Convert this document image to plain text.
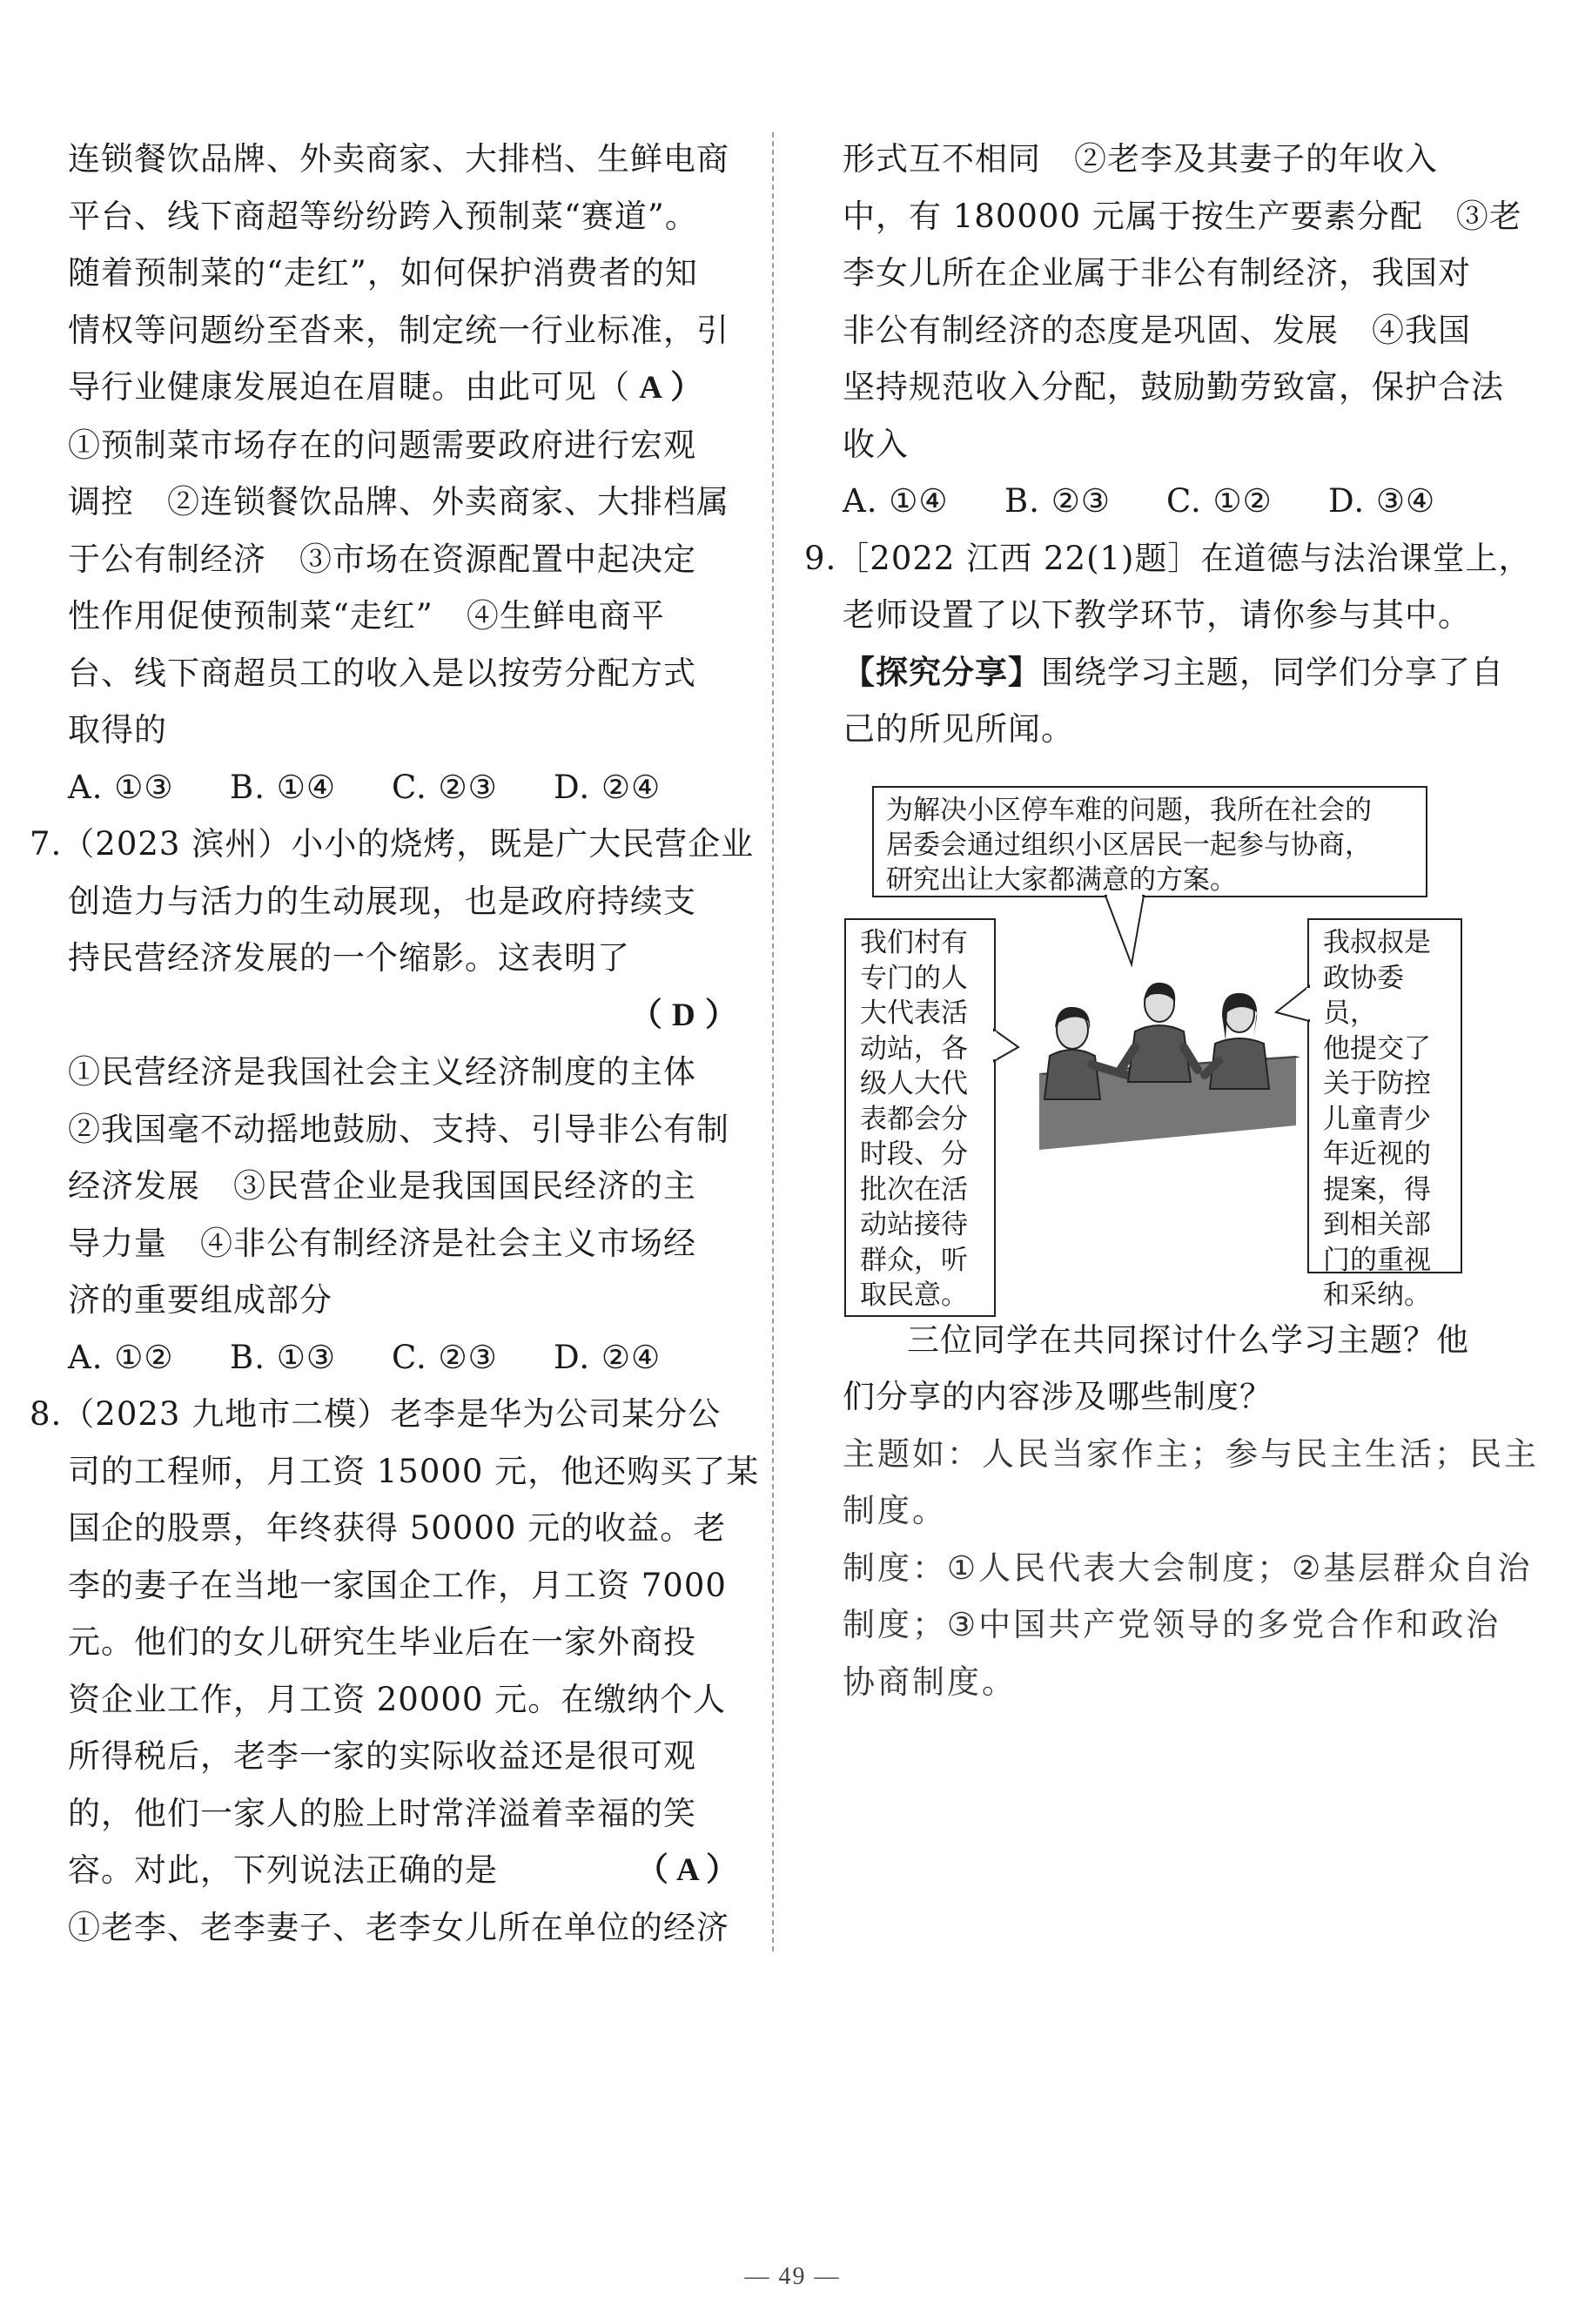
连锁餐饮品牌、外卖商家、大排档、生鲜电商
平台、线下商超等纷纷跨入预制菜“赛道”。
随着预制菜的“走红”，如何保护消费者的知
情权等问题纷至沓来，制定统一行业标准，引
导行业健康发展迫在眉睫。由此可见（ A ）
①预制菜市场存在的问题需要政府进行宏观
调控　②连锁餐饮品牌、外卖商家、大排档属
于公有制经济　③市场在资源配置中起决定
性作用促使预制菜“走红”　④生鲜电商平
台、线下商超员工的收入是以按劳分配方式
取得的
A. ①③ B. ①④ C. ②③ D. ②④
7.（2023 滨州）小小的烧烤，既是广大民营企业
创造力与活力的生动展现，也是政府持续支
持民营经济发展的一个缩影。这表明了
（ D ）
①民营经济是我国社会主义经济制度的主体
②我国毫不动摇地鼓励、支持、引导非公有制
经济发展　③民营企业是我国国民经济的主
导力量　④非公有制经济是社会主义市场经
济的重要组成部分
A. ①② B. ①③ C. ②③ D. ②④
8.（2023 九地市二模）老李是华为公司某分公
司的工程师，月工资 15000 元，他还购买了某
国企的股票，年终获得 50000 元的收益。老
李的妻子在当地一家国企工作，月工资 7000
元。他们的女儿研究生毕业后在一家外商投
资企业工作，月工资 20000 元。在缴纳个人
所得税后，老李一家的实际收益还是很可观
的，他们一家人的脸上时常洋溢着幸福的笑
容。对此，下列说法正确的是	（ A ）
①老李、老李妻子、老李女儿所在单位的经济
形式互不相同　②老李及其妻子的年收入
中，有 180000 元属于按生产要素分配　③老
李女儿所在企业属于非公有制经济，我国对
非公有制经济的态度是巩固、发展　④我国
坚持规范收入分配，鼓励勤劳致富，保护合法
收入
A. ①④ B. ②③ C. ①② D. ③④
9.［2022 江西 22(1)题］在道德与法治课堂上，
老师设置了以下教学环节，请你参与其中。
【探究分享】围绕学习主题，同学们分享了自
己的所见所闻。
三位同学在共同探讨什么学习主题？他
们分享的内容涉及哪些制度？
主题如：人民当家作主；参与民主生活；民主
制度。
制度：①人民代表大会制度；②基层群众自治
制度；③中国共产党领导的多党合作和政治
协商制度。
为解决小区停车难的问题，我所在社会的
居委会通过组织小区居民一起参与协商，
研究出让大家都满意的方案。
我们村有
专门的人
大代表活
动站，各
级人大代
表都会分
时段、分
批次在活
动站接待
群众，听
取民意。
我叔叔是
政协委员，
他提交了
关于防控
儿童青少
年近视的
提案，得
到相关部
门的重视
和采纳。
— 49 —
